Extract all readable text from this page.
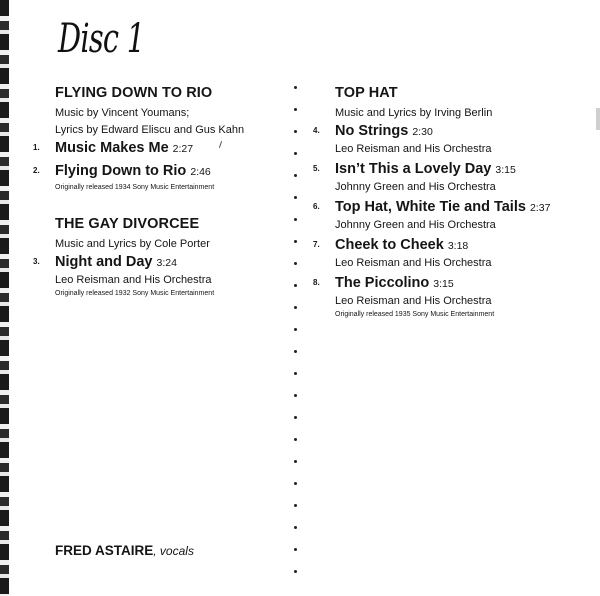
Disc 1
FLYING DOWN TO RIO
Music by Vincent Youmans;
Lyrics by Edward Eliscu and Gus Kahn
1. Music Makes Me 2:27
2. Flying Down to Rio 2:46
Originally released 1934 Sony Music Entertainment
THE GAY DIVORCEE
Music and Lyrics by Cole Porter
3. Night and Day 3:24
Leo Reisman and His Orchestra
Originally released 1932 Sony Music Entertainment
TOP HAT
Music and Lyrics by Irving Berlin
4. No Strings 2:30
Leo Reisman and His Orchestra
5. Isn’t This a Lovely Day 3:15
Johnny Green and His Orchestra
6. Top Hat, White Tie and Tails 2:37
Johnny Green and His Orchestra
7. Cheek to Cheek 3:18
Leo Reisman and His Orchestra
8. The Piccolino 3:15
Leo Reisman and His Orchestra
Originally released 1935 Sony Music Entertainment
FRED ASTAIRE, vocals
